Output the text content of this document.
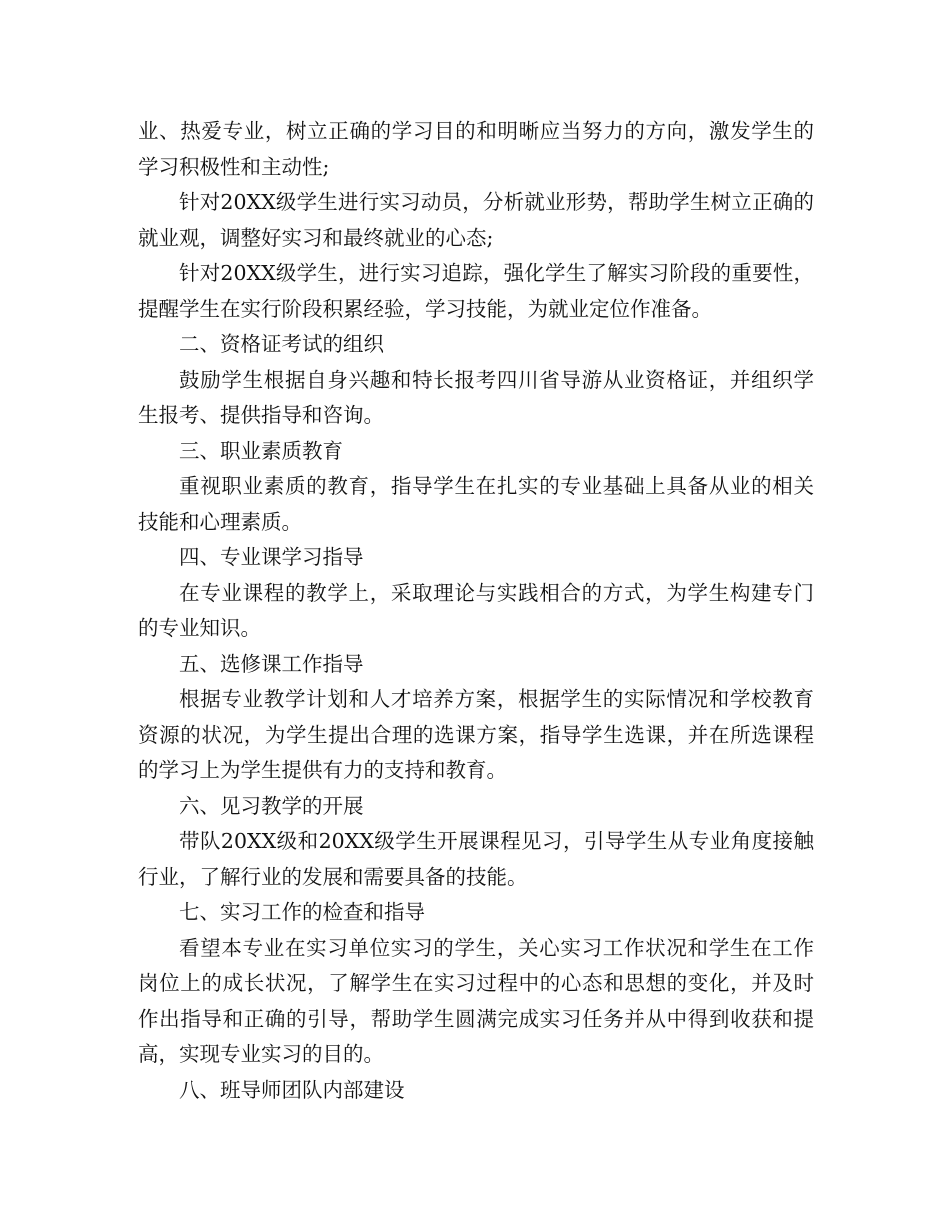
业、热爱专业，树立正确的学习目的和明晰应当努力的方向，激发学生的学习积极性和主动性;

针对20XX级学生进行实习动员，分析就业形势，帮助学生树立正确的就业观，调整好实习和最终就业的心态;

针对20XX级学生，进行实习追踪，强化学生了解实习阶段的重要性，提醒学生在实行阶段积累经验，学习技能，为就业定位作准备。

二、资格证考试的组织

鼓励学生根据自身兴趣和特长报考四川省导游从业资格证，并组织学生报考、提供指导和咨询。

三、职业素质教育

重视职业素质的教育，指导学生在扎实的专业基础上具备从业的相关技能和心理素质。

四、专业课学习指导

在专业课程的教学上，采取理论与实践相合的方式，为学生构建专门的专业知识。

五、选修课工作指导

根据专业教学计划和人才培养方案，根据学生的实际情况和学校教育资源的状况，为学生提出合理的选课方案，指导学生选课，并在所选课程的学习上为学生提供有力的支持和教育。

六、见习教学的开展

带队20XX级和20XX级学生开展课程见习，引导学生从专业角度接触行业，了解行业的发展和需要具备的技能。

七、实习工作的检查和指导

看望本专业在实习单位实习的学生，关心实习工作状况和学生在工作岗位上的成长状况，了解学生在实习过程中的心态和思想的变化，并及时作出指导和正确的引导，帮助学生圆满完成实习任务并从中得到收获和提高，实现专业实习的目的。

八、班导师团队内部建设
